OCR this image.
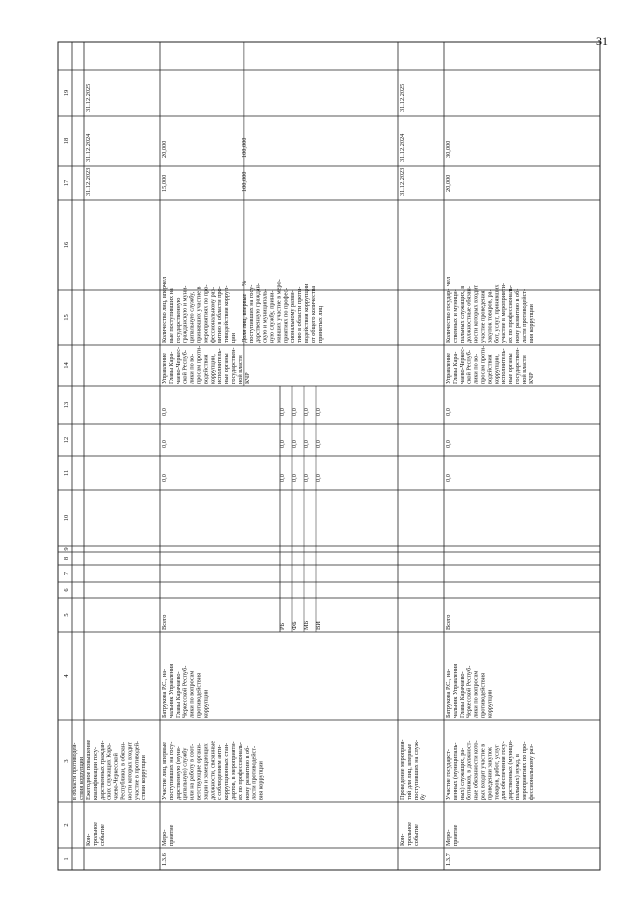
31
1
2
3
4
5
6
7
8
9
10
11
12
13
14
15
16
17
18
19
в области противодей- ствия коррупции
31.12.2023
31.12.2024
31.12.2025
Кон- трольное событие
Ежегодное повышение квалификации госу- дарственных граждан- ских служащих Кара- чаево-Черкесской Республики, в обязан- ности которых входит участие в противодей- ствии коррупции
1.3.6
Всего
0,0
0,0
0,0
РБ
0,0
0,0
0,0
ФБ
0,0
0,0
0,0
МБ
0,0
0,0
0,0
ВИ
0,0
0,0
0,0
чел
15,000
20,000
%
100,000
100,000
Меро- приятие
Участие лиц, впервые поступивших на госу- дарственную (муни- ципальную) службу или на работу в соот- ветствующие органи- зации и замещающих должности, связанные с соблюдением анти- коррупционных стан- дартов, в мероприяти- ях по профессиональ- ному развитию в об- ласти противодейст- вия коррупции
Батрукова Р.С., на- чальник Управления Главы Карачаево- Черкесской Респуб- лики по вопросам противодействия коррупции
Управление Главы Кара- чаево-Черкес- ской Респуб- лики по во- просам проти- водействия коррупции, исполнитель- ные органы государствен- ной власти КЧР
Количество лиц, впер- вые поступивших на государственную гражданскую и муни- ципальную службу, принявших участие в мероприятиях по про- фессиональному раз- витию в области про- тиводействия корруп- ции Доля лиц, впервые поступивших на госу- дарственную граждан- скую и муниципаль- ную службу, прини- мавших участие в меро- приятиях по профес- сиональному разви- тию в области проти- водействия коррупции от общего количества принятых лиц
31.12.2023
31.12.2024
31.12.2025
Кон- трольное событие
Проведение мероприя- тий для лиц, впервые поступивших на служ- бу
1.3.7
Всего
0,0
0,0
0,0
чел
20,000
30,000
Меро- приятие
Участие государст- венных (муниципаль- ных) служащих, ра- ботников, в должност- ные обязанности кото- рых входит участие в проведении закупок товаров, работ, услуг для обеспечения госу- дарственных (муници- пальных) нужд, в мероприятиях по про- фессиональному раз-
Батрукова Р.С., на- чальник Управления Главы Карачаево- Черкесской Респуб- лики по вопросам противодействия коррупции
Управление Главы Кара- чаево-Черкес- ской Респуб- лики по во- просам проти- водействия коррупции, исполнитель- ные органы государствен- ной власти КЧР
Количество государ- ственных и муници- пальных служащих, в должностные обязан- ности которых входит участие проведения закупок товаров, ра- бот, услуг, принявших участие в мероприяти- ях по профессиональ- ному развитию в об- ласти противодейст- вия коррупции
